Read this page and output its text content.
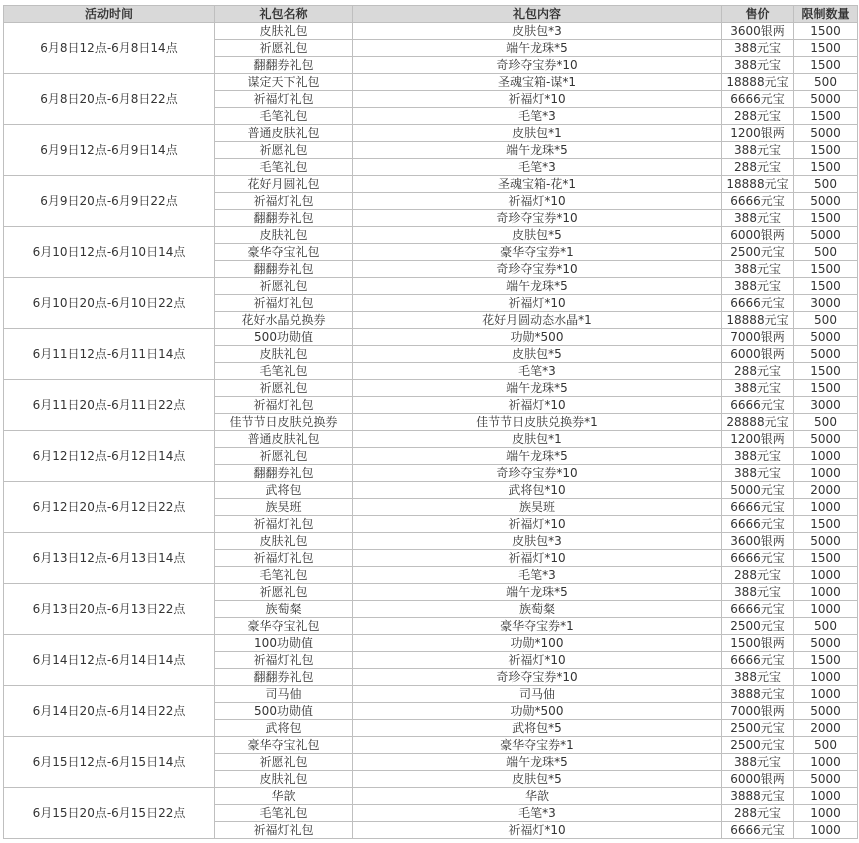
活动时间	礼包名称	礼包内容	售价	限制数量
6月8日12点-6月8日14点	皮肤礼包	皮肤包*3	3600银两	1500
	祈愿礼包	端午龙珠*5	388元宝	1500
	翻翻券礼包	奇珍夺宝券*10	388元宝	1500
6月8日20点-6月8日22点	谋定天下礼包	圣魂宝箱-谋*1	18888元宝	500
	祈福灯礼包	祈福灯*10	6666元宝	5000
	毛笔礼包	毛笔*3	288元宝	1500
6月9日12点-6月9日14点	普通皮肤礼包	皮肤包*1	1200银两	5000
	祈愿礼包	端午龙珠*5	388元宝	1500
	毛笔礼包	毛笔*3	288元宝	1500
6月9日20点-6月9日22点	花好月圆礼包	圣魂宝箱-花*1	18888元宝	500
	祈福灯礼包	祈福灯*10	6666元宝	5000
	翻翻券礼包	奇珍夺宝券*10	388元宝	1500
6月10日12点-6月10日14点	皮肤礼包	皮肤包*5	6000银两	5000
	豪华夺宝礼包	豪华夺宝券*1	2500元宝	500
	翻翻券礼包	奇珍夺宝券*10	388元宝	1500
6月10日20点-6月10日22点	祈愿礼包	端午龙珠*5	388元宝	1500
	祈福灯礼包	祈福灯*10	6666元宝	3000
	花好水晶兑换券	花好月圆动态水晶*1	18888元宝	500
6月11日12点-6月11日14点	500功勋值	功勋*500	7000银两	5000
	皮肤礼包	皮肤包*5	6000银两	5000
	毛笔礼包	毛笔*3	288元宝	1500
6月11日20点-6月11日22点	祈愿礼包	端午龙珠*5	388元宝	1500
	祈福灯礼包	祈福灯*10	6666元宝	3000
	佳节节日皮肤兑换券	佳节节日皮肤兑换券*1	28888元宝	500
6月12日12点-6月12日14点	普通皮肤礼包	皮肤包*1	1200银两	5000
	祈愿礼包	端午龙珠*5	388元宝	1000
	翻翻券礼包	奇珍夺宝券*10	388元宝	1000
6月12日20点-6月12日22点	武将包	武将包*10	5000元宝	2000
	族昊班	族昊班	6666元宝	1000
	祈福灯礼包	祈福灯*10	6666元宝	1500
6月13日12点-6月13日14点	皮肤礼包	皮肤包*3	3600银两	5000
	祈福灯礼包	祈福灯*10	6666元宝	1500
	毛笔礼包	毛笔*3	288元宝	1000
6月13日20点-6月13日22点	祈愿礼包	端午龙珠*5	388元宝	1000
	族萄粲	族萄粲	6666元宝	1000
	豪华夺宝礼包	豪华夺宝券*1	2500元宝	500
6月14日12点-6月14日14点	100功勋值	功勋*100	1500银两	5000
	祈福灯礼包	祈福灯*10	6666元宝	1500
	翻翻券礼包	奇珍夺宝券*10	388元宝	1000
6月14日20点-6月14日22点	司马伷	司马伷	3888元宝	1000
	500功勋值	功勋*500	7000银两	5000
	武将包	武将包*5	2500元宝	2000
6月15日12点-6月15日14点	豪华夺宝礼包	豪华夺宝券*1	2500元宝	500
	祈愿礼包	端午龙珠*5	388元宝	1000
	皮肤礼包	皮肤包*5	6000银两	5000
6月15日20点-6月15日22点	华歆	华歆	3888元宝	1000
	毛笔礼包	毛笔*3	288元宝	1000
	祈福灯礼包	祈福灯*10	6666元宝	1000
